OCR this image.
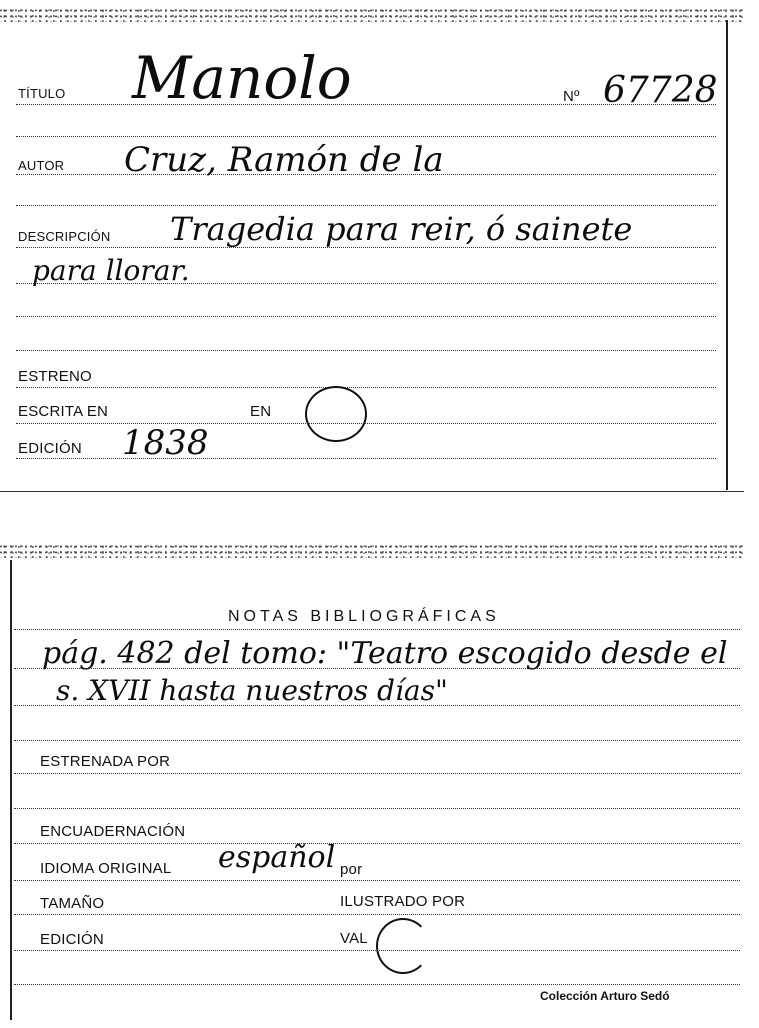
TÍTULO Manolo	Nº 67728
AUTOR Cruz, Ramón de la
DESCRIPCIÓN Tragedia para reir, ó sainete
para llorar.
ESTRENO
ESCRITA EN	EN
EDICIÓN 1838
NOTAS BIBLIOGRÁFICAS
pág. 482 del tomo: "Teatro escogido desde el
s. XVII hasta nuestros días"
ESTRENADA POR
ENCUADERNACIÓN
IDIOMA ORIGINAL español por
TAMAÑO	ILUSTRADO POR
EDICIÓN	VAL
Colección Arturo Sedó
